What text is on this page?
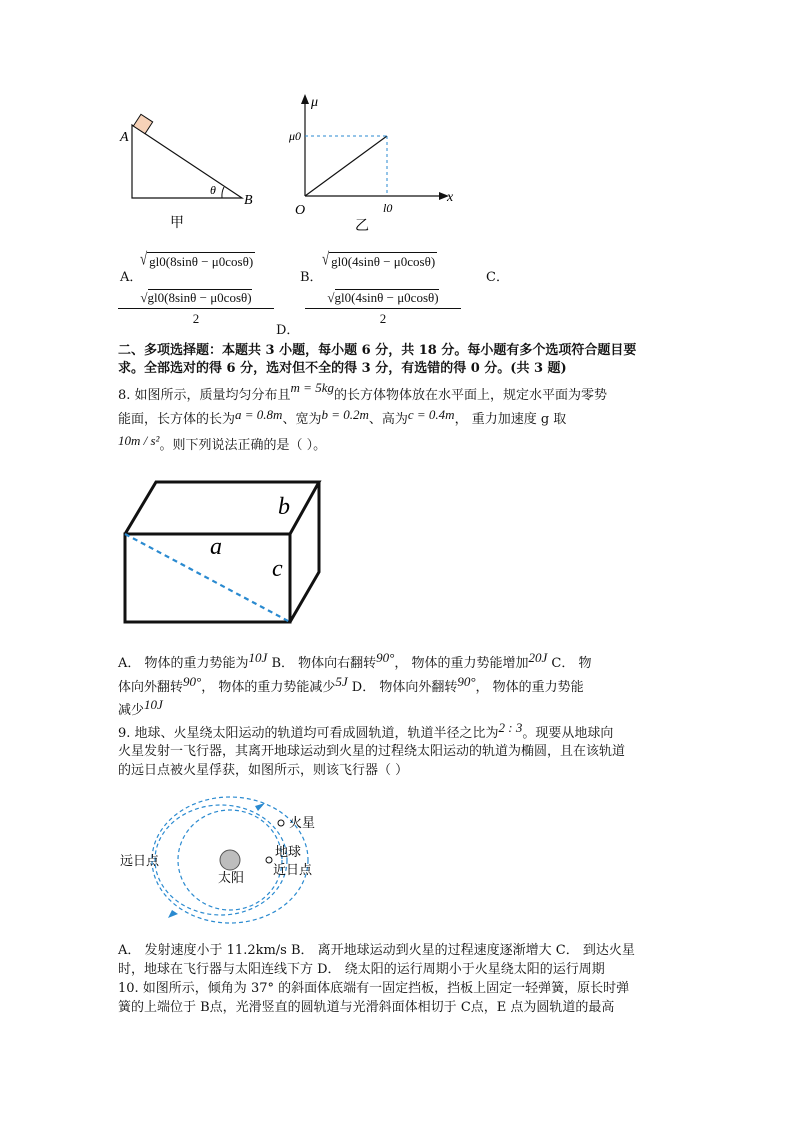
A
B
θ
甲
μ
x
O
μ0
l0
乙
A．
√ gl0(8sinθ − μ0cosθ)
B．
√ gl0(4sinθ − μ0cosθ)
C．
√gl0(8sinθ − μ0cosθ)
2
D．
√gl0(4sinθ − μ0cosθ)
2
二、多项选择题：本题共 3 小题，每小题 6 分，共 18 分。每小题有多个选项符合题目要
求。全部选对的得 6 分，选对但不全的得 3 分，有选错的得 0 分。(共 3 题)
8. 如图所示，质量均匀分布且m = 5kg的长方体物体放在水平面上，规定水平面为零势
能面，长方体的长为a = 0.8m、宽为b = 0.2m、高为c = 0.4m， 重力加速度 g 取
10m / s²。则下列说法正确的是（ ）。
a
b
c
A． 物体的重力势能为10J B． 物体向右翻转90°， 物体的重力势能增加20J C． 物
体向外翻转90°， 物体的重力势能减少5J D． 物体向外翻转90°， 物体的重力势能
减少10J
9. 地球、火星绕太阳运动的轨道均可看成圆轨道，轨道半径之比为2 : 3。现要从地球向
火星发射一飞行器，其离开地球运动到火星的过程绕太阳运动的轨道为椭圆，且在该轨道
的远日点被火星俘获，如图所示，则该飞行器（ ）
火星
地球
近日点
远日点
太阳
A． 发射速度小于 11.2km/s B． 离开地球运动到火星的过程速度逐渐增大 C． 到达火星
时，地球在飞行器与太阳连线下方 D． 绕太阳的运行周期小于火星绕太阳的运行周期
10. 如图所示，倾角为 37° 的斜面体底端有一固定挡板，挡板上固定一轻弹簧，原长时弹
簧的上端位于 B点，光滑竖直的圆轨道与光滑斜面体相切于 C点，E 点为圆轨道的最高
